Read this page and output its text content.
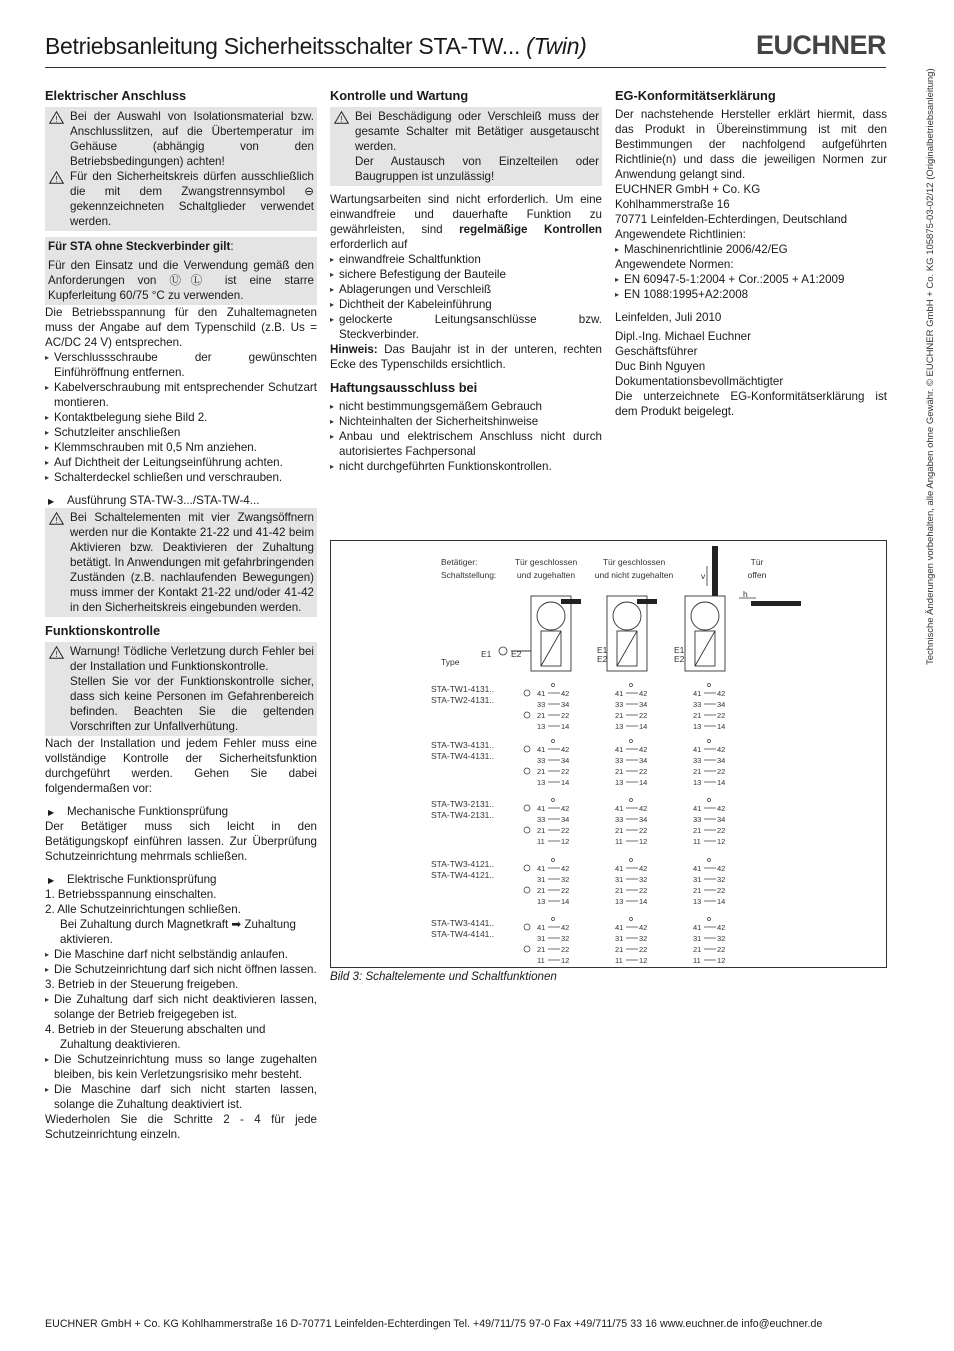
Betriebsanleitung Sicherheitsschalter STA-TW... (Twin)	EUCHNER
Elektrischer Anschluss
! Bei der Auswahl von Isolationsmaterial bzw. Anschlusslitzen, auf die Übertemperatur im Gehäuse (abhängig von den Betriebsbedingungen) achten!
! Für den Sicherheitskreis dürfen ausschließlich die mit dem Zwangstrennsymbol ⊖ gekennzeichneten Schaltglieder verwendet werden.

Für STA ohne Steckverbinder gilt:

Für den Einsatz und die Verwendung gemäß den Anforderungen von ⓊⓁ ist eine starre Kupferleitung 60/75 °C zu verwenden.

Die Betriebsspannung für den Zuhaltemagneten muss der Angabe auf dem Typenschild (z.B. Us = AC/DC 24 V) entsprechen.

▸ Verschlussschraube der gewünschten Einführöffnung entfernen.
▸ Kabelverschraubung mit entsprechender Schutzart montieren.
▸ Kontaktbelegung siehe Bild 2.
▸ Schutzleiter anschließen
▸ Klemmschrauben mit 0,5 Nm anziehen.
▸ Auf Dichtheit der Leitungseinführung achten.
▸ Schalterdeckel schließen und verschrauben.
▶ Ausführung STA-TW-3.../STA-TW-4...
! Bei Schaltelementen mit vier Zwangsöffnern werden nur die Kontakte 21-22 und 41-42 beim Aktivieren bzw. Deaktivieren der Zuhaltung betätigt. In Anwendungen mit gefahrbringenden Zuständen (z.B. nachlaufenden Bewegungen) muss immer der Kontakt 21-22 und/oder 41-42 in den Sicherheitskreis eingebunden werden.
Funktionskontrolle
! Warnung! Tödliche Verletzung durch Fehler bei der Installation und Funktionskontrolle.
Stellen Sie vor der Funktionskontrolle sicher, dass sich keine Personen im Gefahrenbereich befinden. Beachten Sie die geltenden Vorschriften zur Unfallverhütung.

Nach der Installation und jedem Fehler muss eine vollständige Kontrolle der Sicherheitsfunktion durchgeführt werden. Gehen Sie dabei folgendermaßen vor:

▶ Mechanische Funktionsprüfung

Der Betätiger muss sich leicht in den Betätigungskopf einführen lassen. Zur Überprüfung Schutzeinrichtung mehrmals schließen.

▶ Elektrische Funktionsprüfung
1. Betriebsspannung einschalten.
2. Alle Schutzeinrichtungen schließen.
Bei Zuhaltung durch Magnetkraft ➡ Zuhaltung aktivieren.
▸ Die Maschine darf nicht selbständig anlaufen.
▸ Die Schutzeinrichtung darf sich nicht öffnen lassen.
3. Betrieb in der Steuerung freigeben.
▸ Die Zuhaltung darf sich nicht deaktivieren lassen, solange der Betrieb freigegeben ist.
4. Betrieb in der Steuerung abschalten und Zuhaltung deaktivieren.
▸ Die Schutzeinrichtung muss so lange zugehalten bleiben, bis kein Verletzungsrisiko mehr besteht.
▸ Die Maschine darf sich nicht starten lassen, solange die Zuhaltung deaktiviert ist.

Wiederholen Sie die Schritte 2 - 4 für jede Schutzeinrichtung einzeln.

Kontrolle und Wartung
! Bei Beschädigung oder Verschleiß muss der gesamte Schalter mit Betätiger ausgetauscht werden.
Der Austausch von Einzelteilen oder Baugruppen ist unzulässig!

Wartungsarbeiten sind nicht erforderlich. Um eine einwandfreie und dauerhafte Funktion zu gewährleisten, sind regelmäßige Kontrollen erforderlich auf

▸ einwandfreie Schaltfunktion
▸ sichere Befestigung der Bauteile
▸ Ablagerungen und Verschleiß
▸ Dichtheit der Kabeleinführung
▸ gelockerte Leitungsanschlüsse bzw. Steckverbinder.

Hinweis: Das Baujahr ist in der unteren, rechten Ecke des Typenschilds ersichtlich.

Haftungsausschluss bei
▸ nicht bestimmungsgemäßem Gebrauch
▸ Nichteinhalten der Sicherheitshinweise
▸ Anbau und elektrischem Anschluss nicht durch autorisiertes Fachpersonal
▸ nicht durchgeführten Funktionskontrollen.
EG-Konformitätserklärung

Der nachstehende Hersteller erklärt hiermit, dass das Produkt in Übereinstimmung ist mit den Bestimmungen der nachfolgend aufgeführten Richtlinie(n) und dass die jeweiligen Normen zur Anwendung gelangt sind.

EUCHNER GmbH + Co. KG
Kohlhammerstraße 16
70771 Leinfelden-Echterdingen, Deutschland
Angewendete Richtlinien:
▸ Maschinenrichtlinie 2006/42/EG
Angewendete Normen:
▸ EN 60947-5-1:2004 + Cor.:2005 + A1:2009
▸ EN 1088:1995+A2:2008
Leinfelden, Juli 2010
Dipl.-Ing. Michael Euchner
Geschäftsführer
Duc Binh Nguyen
Dokumentationsbevollmächtigter

Die unterzeichnete EG-Konformitätserklärung ist dem Produkt beigelegt.

Betätiger:
Schaltstellung:
Tür geschlossen
und zugehalten
Tür geschlossen
und nicht zugehalten
Tür
offen
Type
E1 E2	E1
E2
E1
E2
v
h
STA-TW1-4131..
STA-TW2-4131..
41 42
33 34
21 22
13 14
41 42
33 34
21 22
13 14
41 42
33 34
21 22
13 14
STA-TW3-4131..
STA-TW4-4131..
41 42
33 34
21 22
13 14
41 42
33 34
21 22
13 14
41 42
33 34
21 22
13 14
STA-TW3-2131..
STA-TW4-2131..
41 42
33 34
21 22
11 12
41 42
33 34
21 22
11 12
41 42
33 34
21 22
11 12
STA-TW3-4121..
STA-TW4-4121..
41 42
31 32
21 22
13 14
41 42
31 32
21 22
13 14
41 42
31 32
21 22
13 14
STA-TW3-4141..
STA-TW4-4141..
41 42
31 32
21 22
11 12
41 42
31 32
21 22
11 12
41 42
31 32
21 22
11 12
Bild 3: Schaltelemente und Schaltfunktionen
Technische Änderungen vorbehalten, alle Angaben ohne Gewähr. © EUCHNER GmbH + Co. KG 105875-03-02/12 (Originalbetriebsanleitung)
EUCHNER GmbH + Co. KG Kohlhammerstraße 16 D-70771 Leinfelden-Echterdingen Tel. +49/711/75 97-0 Fax +49/711/75 33 16 www.euchner.de info@euchner.de
